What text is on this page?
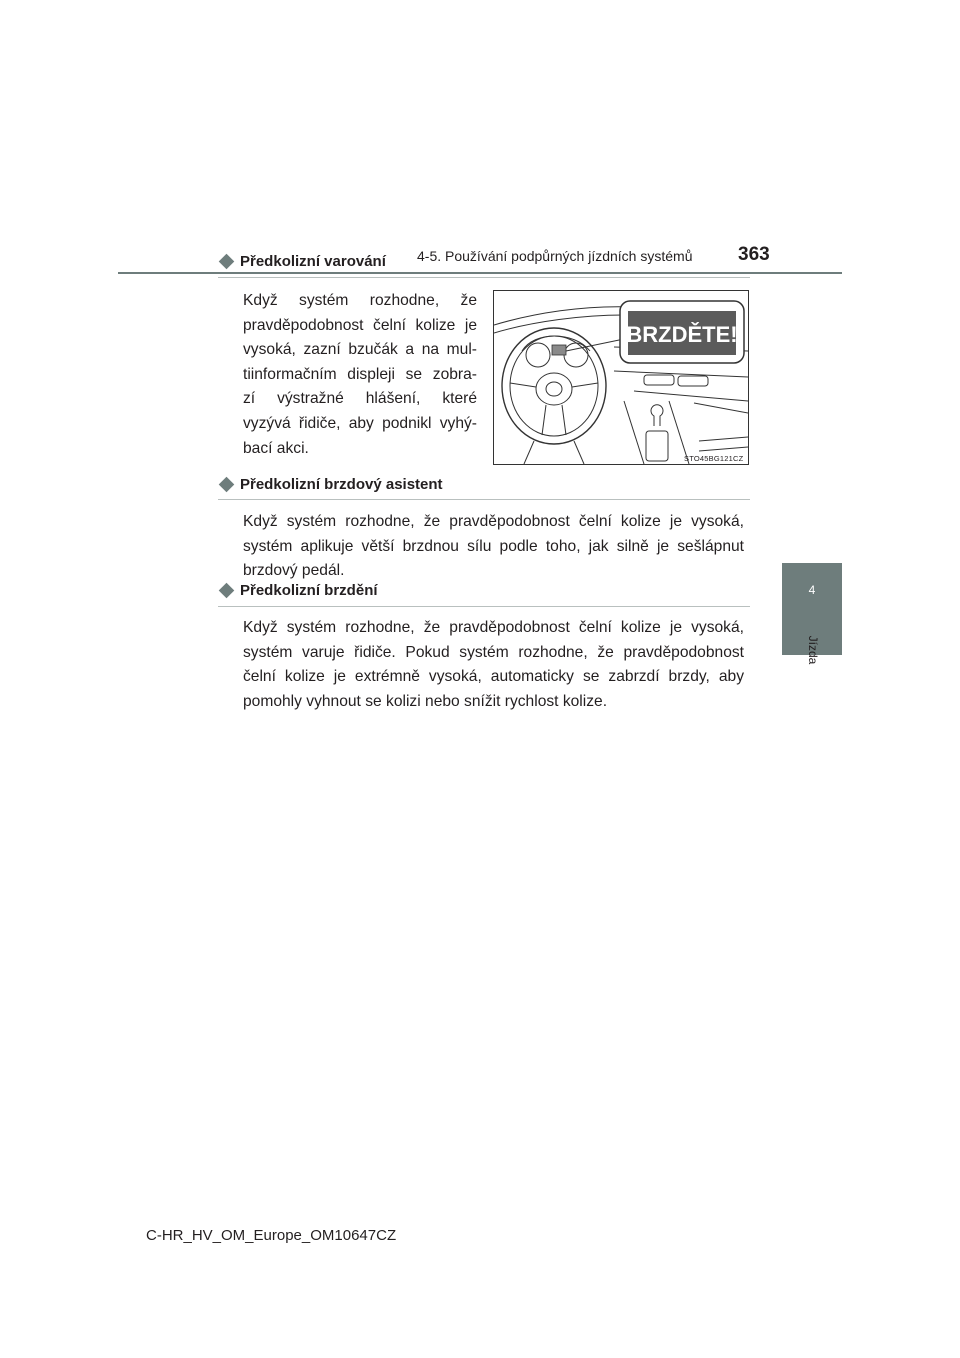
4-5. Používání podpůrných jízdních systémů 363
4
Jízda
Předkolizní varování
Když systém rozhodne, že
pravděpodobnost čelní kolize je
vysoká, zazní bzučák a na mul-
tiinformačním displeji se zobra-
zí výstražné hlášení, které
vyzývá řidiče, aby podnikl vyhý-
bací akci.
BRZDĚTE!
STO45BG121CZ
Předkolizní brzdový asistent
Když systém rozhodne, že pravděpodobnost čelní kolize je vysoká,
systém aplikuje větší brzdnou sílu podle toho, jak silně je sešlápnut
brzdový pedál.
Předkolizní brzdění
Když systém rozhodne, že pravděpodobnost čelní kolize je vysoká,
systém varuje řidiče. Pokud systém rozhodne, že pravděpodobnost
čelní kolize je extrémně vysoká, automaticky se zabrzdí brzdy, aby
pomohly vyhnout se kolizi nebo snížit rychlost kolize.
C-HR_HV_OM_Europe_OM10647CZ
